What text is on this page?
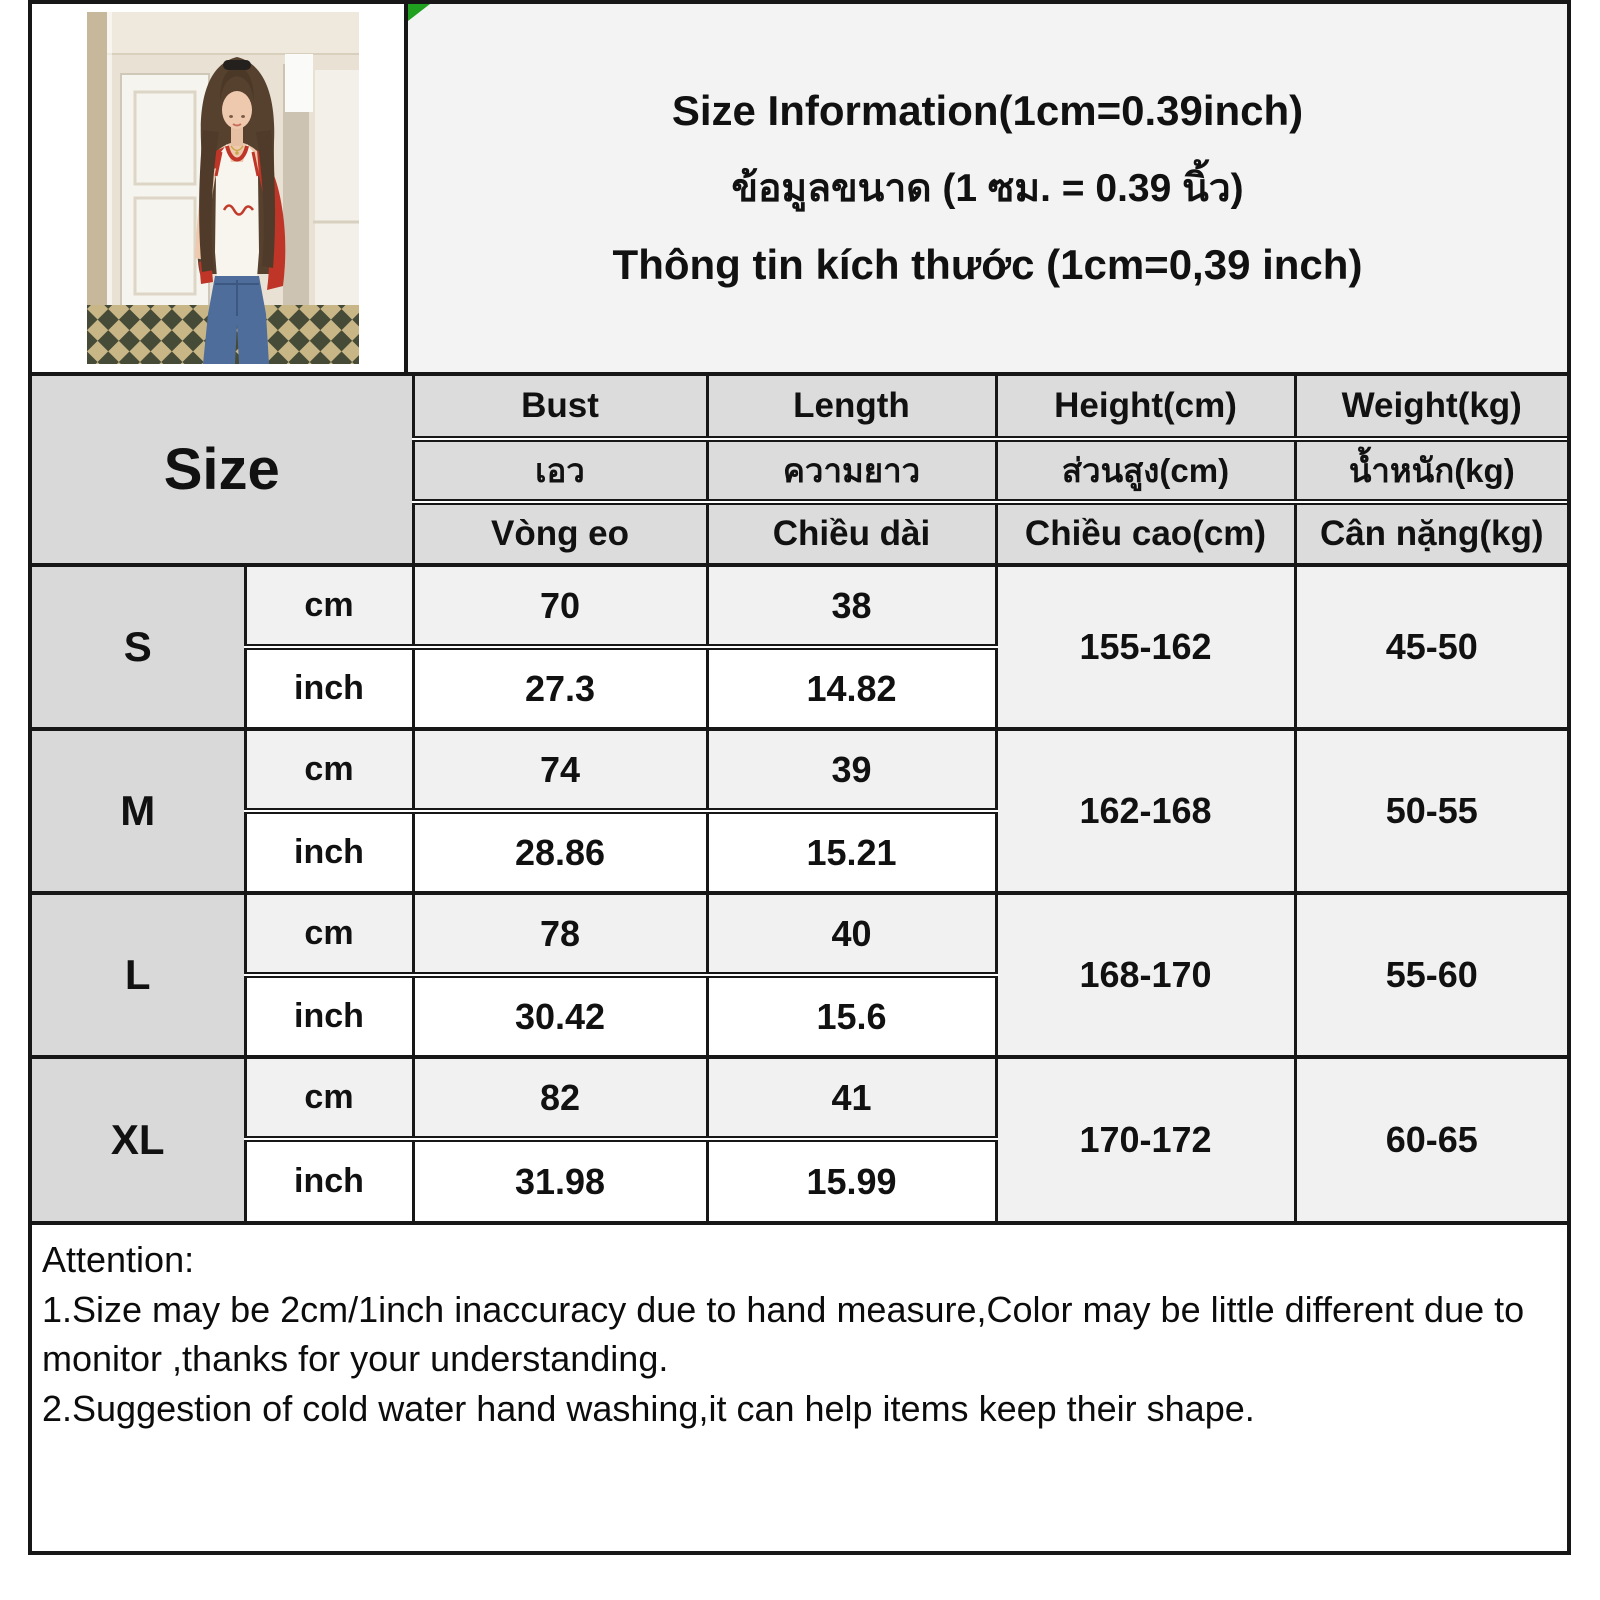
Size Information(1cm=0.39inch)
ข้อมูลขนาด (1 ซม. = 0.39 นิ้ว)
Thông tin kích thước (1cm=0,39 inch)
Size		Bust	Length	Height(cm)	Weight(kg)
		เอว	ความยาว	ส่วนสูง(cm)	น้ำหนัก(kg)
		Vòng eo	Chiều dài	Chiều cao(cm)	Cân nặng(kg)
S	cm	70	38	155-162	45-50
	inch	27.3	14.82		
M	cm	74	39	162-168	50-55
	inch	28.86	15.21		
L	cm	78	40	168-170	55-60
	inch	30.42	15.6		
XL	cm	82	41	170-172	60-65
	inch	31.98	15.99		

Attention:

1.Size may be 2cm/1inch inaccuracy due to hand measure,Color may be little different due to monitor ,thanks for your understanding.

2.Suggestion of cold water hand washing,it can help items keep their shape.
